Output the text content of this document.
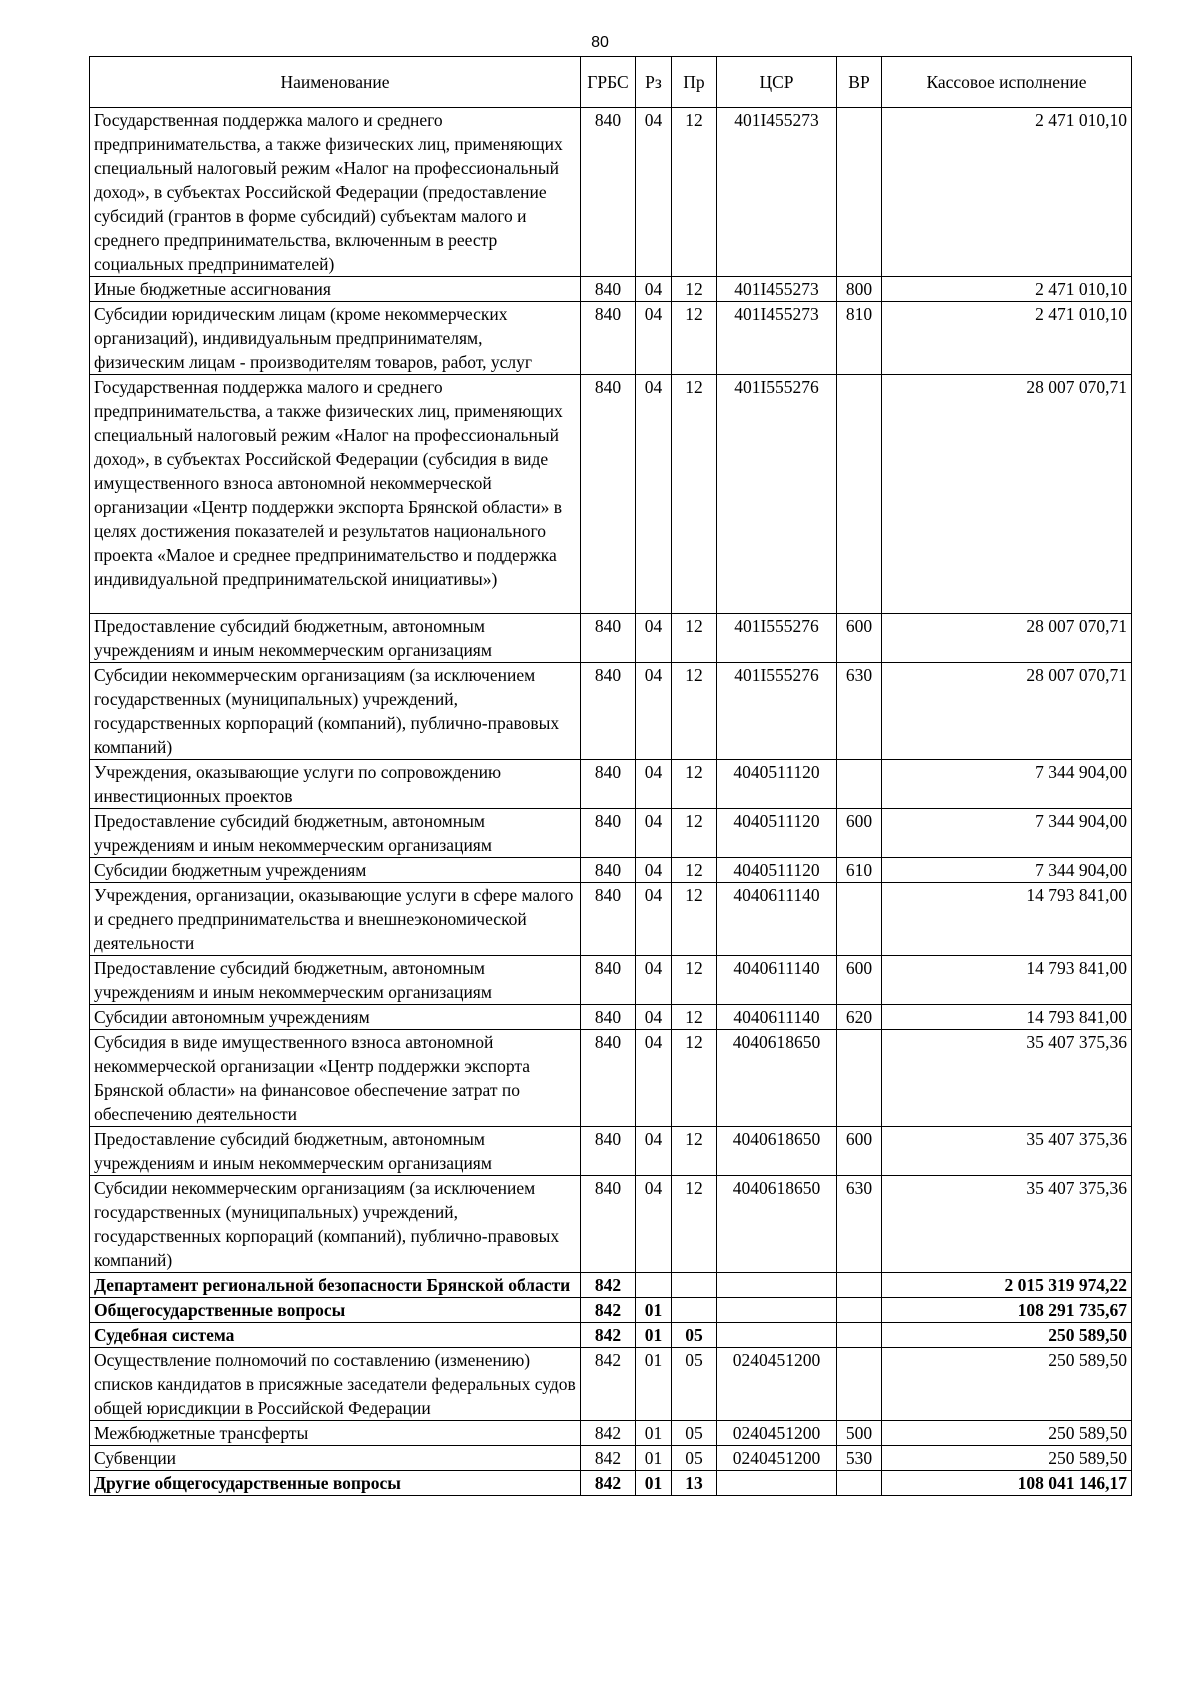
80
Наименование	ГРБС	Рз	Пр	ЦСР	ВР	Кассовое исполнение
Государственная поддержка малого и среднего предпринимательства, а также физических лиц, применяющих специальный налоговый режим «Налог на профессиональный доход», в субъектах Российской Федерации (предоставление субсидий (грантов в форме субсидий) субъектам малого и среднего предпринимательства, включенным в реестр социальных предпринимателей)	840	04	12	401I455273		2 471 010,10
Иные бюджетные ассигнования	840	04	12	401I455273	800	2 471 010,10
Субсидии юридическим лицам (кроме некоммерческих организаций), индивидуальным предпринимателям, физическим лицам - производителям товаров, работ, услуг	840	04	12	401I455273	810	2 471 010,10
Государственная поддержка малого и среднего предпринимательства, а также физических лиц, применяющих специальный налоговый режим «Налог на профессиональный доход», в субъектах Российской Федерации (субсидия в виде имущественного взноса автономной некоммерческой организации «Центр поддержки экспорта Брянской области» в целях достижения показателей и результатов национального проекта «Малое и среднее предпринимательство и поддержка индивидуальной предпринимательской инициативы»)	840	04	12	401I555276		28 007 070,71
Предоставление субсидий бюджетным, автономным учреждениям и иным некоммерческим организациям	840	04	12	401I555276	600	28 007 070,71
Субсидии некоммерческим организациям (за исключением государственных (муниципальных) учреждений, государственных корпораций (компаний), публично-правовых компаний)	840	04	12	401I555276	630	28 007 070,71
Учреждения, оказывающие услуги по сопровождению инвестиционных проектов	840	04	12	4040511120		7 344 904,00
Предоставление субсидий бюджетным, автономным учреждениям и иным некоммерческим организациям	840	04	12	4040511120	600	7 344 904,00
Субсидии бюджетным учреждениям	840	04	12	4040511120	610	7 344 904,00
Учреждения, организации, оказывающие услуги в сфере малого и среднего предпринимательства и внешнеэкономической деятельности	840	04	12	4040611140		14 793 841,00
Предоставление субсидий бюджетным, автономным учреждениям и иным некоммерческим организациям	840	04	12	4040611140	600	14 793 841,00
Субсидии автономным учреждениям	840	04	12	4040611140	620	14 793 841,00
Субсидия в виде имущественного взноса автономной некоммерческой организации «Центр поддержки экспорта Брянской области» на финансовое обеспечение затрат по обеспечению деятельности	840	04	12	4040618650		35 407 375,36
Предоставление субсидий бюджетным, автономным учреждениям и иным некоммерческим организациям	840	04	12	4040618650	600	35 407 375,36
Субсидии некоммерческим организациям (за исключением государственных (муниципальных) учреждений, государственных корпораций (компаний), публично-правовых компаний)	840	04	12	4040618650	630	35 407 375,36
Департамент региональной безопасности Брянской области	842					2 015 319 974,22
Общегосударственные вопросы	842	01				108 291 735,67
Судебная система	842	01	05			250 589,50
Осуществление полномочий по составлению (изменению) списков кандидатов в присяжные заседатели федеральных судов общей юрисдикции в Российской Федерации	842	01	05	0240451200		250 589,50
Межбюджетные трансферты	842	01	05	0240451200	500	250 589,50
Субвенции	842	01	05	0240451200	530	250 589,50
Другие общегосударственные вопросы	842	01	13			108 041 146,17
